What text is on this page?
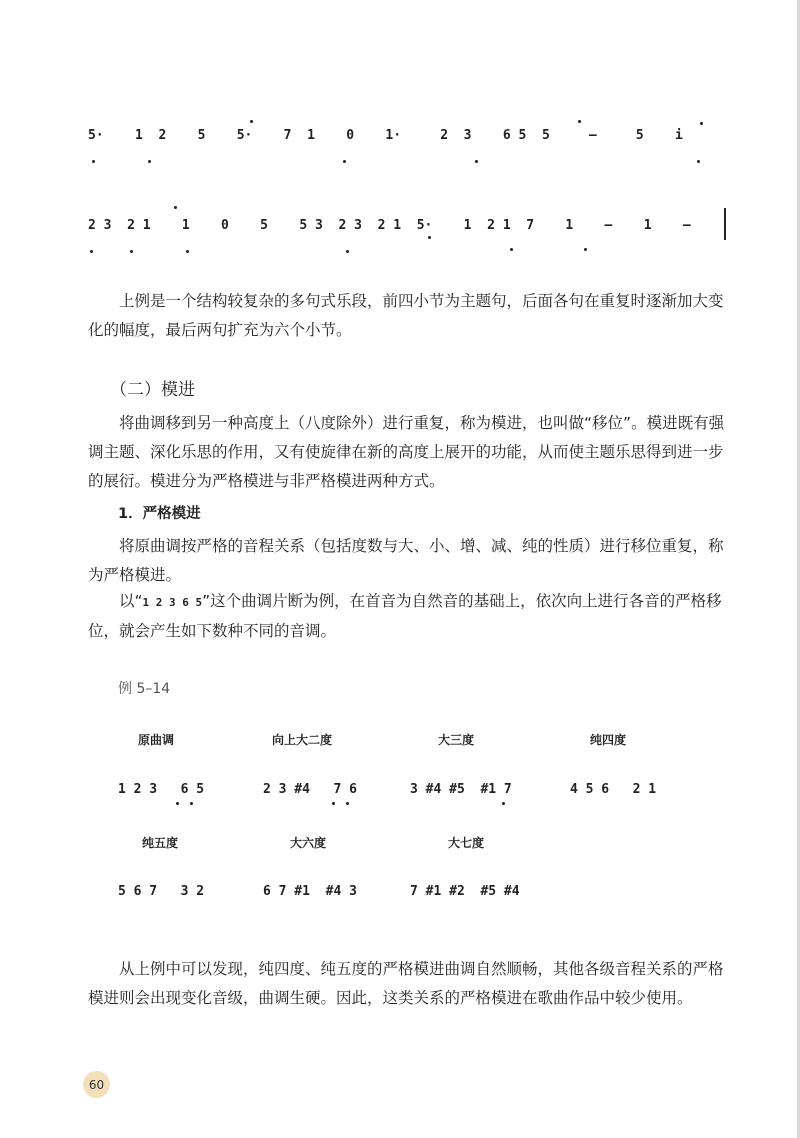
5·    1  2    5    5·    7  1    0    1·     2  3    6 5  5     –     5    i
2 3  2 1    1    0    5    5 3  2 3  2 1  5·    1  2 1  7    1    –    1    –
上例是一个结构较复杂的多句式乐段，前四小节为主题句，后面各句在重复时逐渐加大变化的幅度，最后两句扩充为六个小节。
（二）模进
将曲调移到另一种高度上（八度除外）进行重复，称为模进，也叫做“移位”。模进既有强调主题、深化乐思的作用，又有使旋律在新的高度上展开的功能，从而使主题乐思得到进一步的展衍。模进分为严格模进与非严格模进两种方式。
1．严格模进
将原曲调按严格的音程关系（包括度数与大、小、增、减、纯的性质）进行移位重复，称为严格模进。
以“1 2 3 6 5”这个曲调片断为例，在首音为自然音的基础上，依次向上进行各音的严格移位，就会产生如下数种不同的音调。
例 5–14
原曲调
1 2 3   6 5
向上大二度
2 3 #4   7 6
大三度
3 #4 #5  #1 7
纯四度
4 5 6   2 1
纯五度
5 6 7   3 2
大六度
6 7 #1  #4 3
大七度
7 #1 #2  #5 #4
从上例中可以发现，纯四度、纯五度的严格模进曲调自然顺畅，其他各级音程关系的严格模进则会出现变化音级，曲调生硬。因此，这类关系的严格模进在歌曲作品中较少使用。
60
